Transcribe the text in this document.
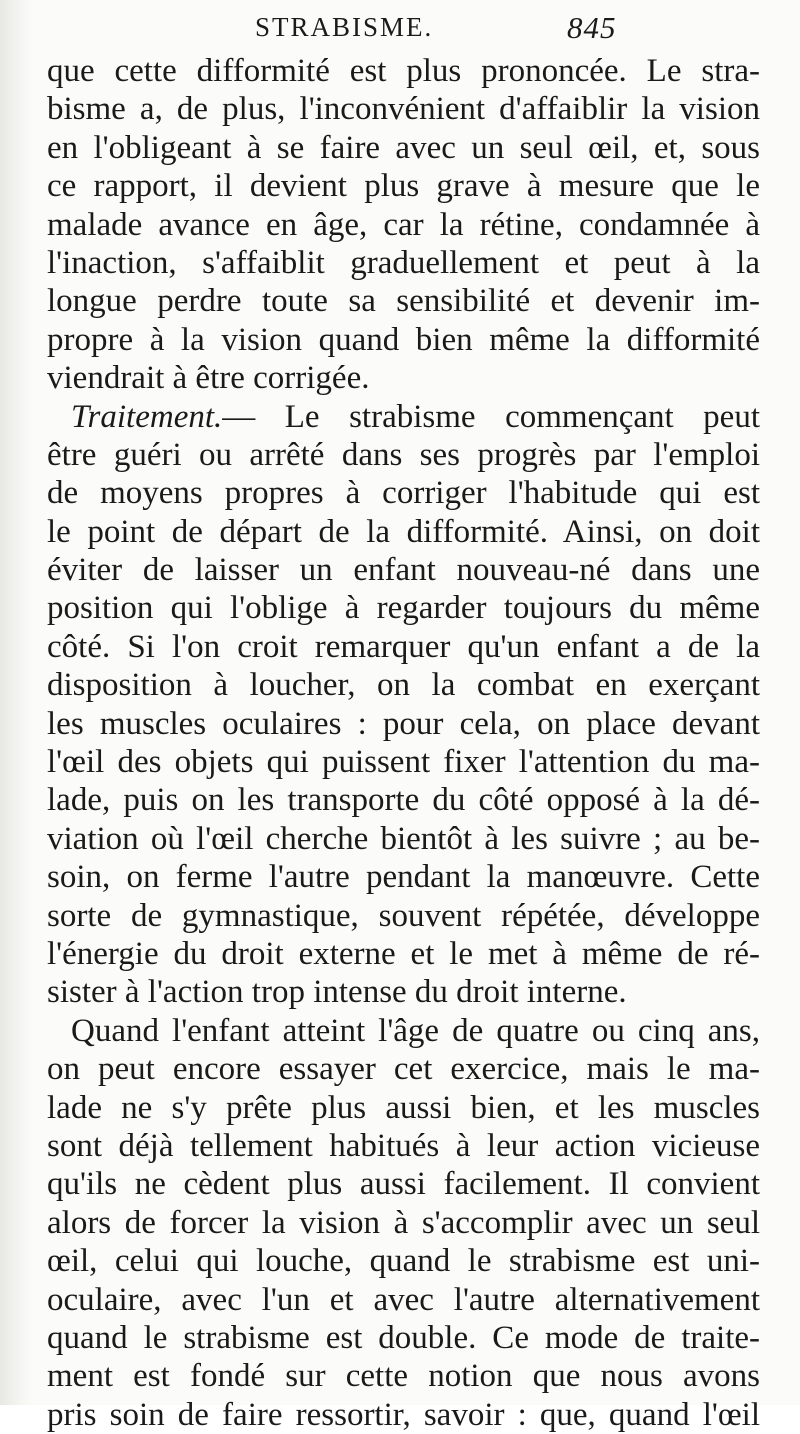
STRABISME.	845
que cette difformité est plus prononcée. Le stra-
bisme a, de plus, l'inconvénient d'affaiblir la vision
en l'obligeant à se faire avec un seul œil, et, sous
ce rapport, il devient plus grave à mesure que le
malade avance en âge, car la rétine, condamnée à
l'inaction, s'affaiblit graduellement et peut à la
longue perdre toute sa sensibilité et devenir im-
propre à la vision quand bien même la difformité
viendrait à être corrigée.
Traitement.— Le strabisme commençant peut
être guéri ou arrêté dans ses progrès par l'emploi
de moyens propres à corriger l'habitude qui est
le point de départ de la difformité. Ainsi, on doit
éviter de laisser un enfant nouveau-né dans une
position qui l'oblige à regarder toujours du même
côté. Si l'on croit remarquer qu'un enfant a de la
disposition à loucher, on la combat en exerçant
les muscles oculaires : pour cela, on place devant
l'œil des objets qui puissent fixer l'attention du ma-
lade, puis on les transporte du côté opposé à la dé-
viation où l'œil cherche bientôt à les suivre ; au be-
soin, on ferme l'autre pendant la manœuvre. Cette
sorte de gymnastique, souvent répétée, développe
l'énergie du droit externe et le met à même de ré-
sister à l'action trop intense du droit interne.
Quand l'enfant atteint l'âge de quatre ou cinq ans,
on peut encore essayer cet exercice, mais le ma-
lade ne s'y prête plus aussi bien, et les muscles
sont déjà tellement habitués à leur action vicieuse
qu'ils ne cèdent plus aussi facilement. Il convient
alors de forcer la vision à s'accomplir avec un seul
œil, celui qui louche, quand le strabisme est uni-
oculaire, avec l'un et avec l'autre alternativement
quand le strabisme est double. Ce mode de traite-
ment est fondé sur cette notion que nous avons
pris soin de faire ressortir, savoir : que, quand l'œil
